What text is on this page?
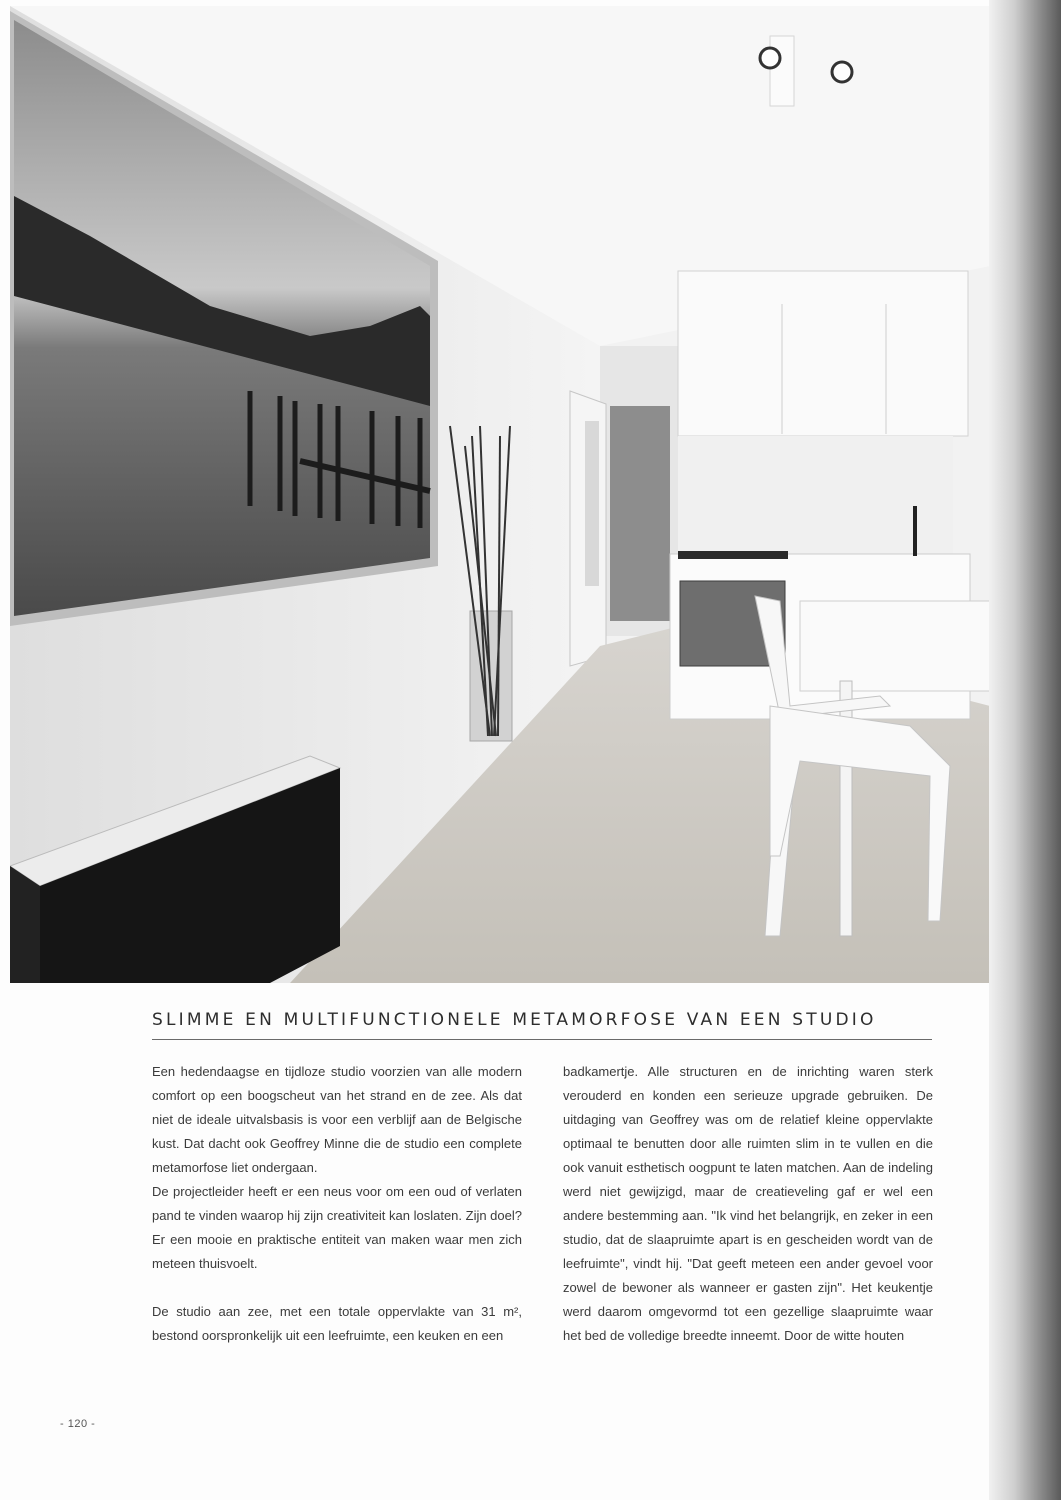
SLIMME EN MULTIFUNCTIONELE METAMORFOSE VAN EEN STUDIO

Een hedendaagse en tijdloze studio voorzien van alle modern comfort op een boogscheut van het strand en de zee. Als dat niet de ideale uitvalsbasis is voor een verblijf aan de Belgische kust. Dat dacht ook Geoffrey Minne die de studio een complete metamorfose liet ondergaan.

De projectleider heeft er een neus voor om een oud of verlaten pand te vinden waarop hij zijn creativiteit kan loslaten. Zijn doel? Er een mooie en praktische entiteit van maken waar men zich meteen thuisvoelt.

De studio aan zee, met een totale oppervlakte van 31 m², bestond oorspronkelijk uit een leefruimte, een keuken en een

badkamertje. Alle structuren en de inrichting waren sterk verouderd en konden een serieuze upgrade gebruiken. De uitdaging van Geoffrey was om de relatief kleine oppervlakte optimaal te benutten door alle ruimten slim in te vullen en die ook vanuit esthetisch oogpunt te laten matchen. Aan de indeling werd niet gewijzigd, maar de creatieveling gaf er wel een andere bestemming aan. "Ik vind het belangrijk, en zeker in een studio, dat de slaapruimte apart is en gescheiden wordt van de leefruimte", vindt hij. "Dat geeft meteen een ander gevoel voor zowel de bewoner als wanneer er gasten zijn". Het keukentje werd daarom omgevormd tot een gezellige slaapruimte waar het bed de volledige breedte inneemt. Door de witte houten

- 120 -
